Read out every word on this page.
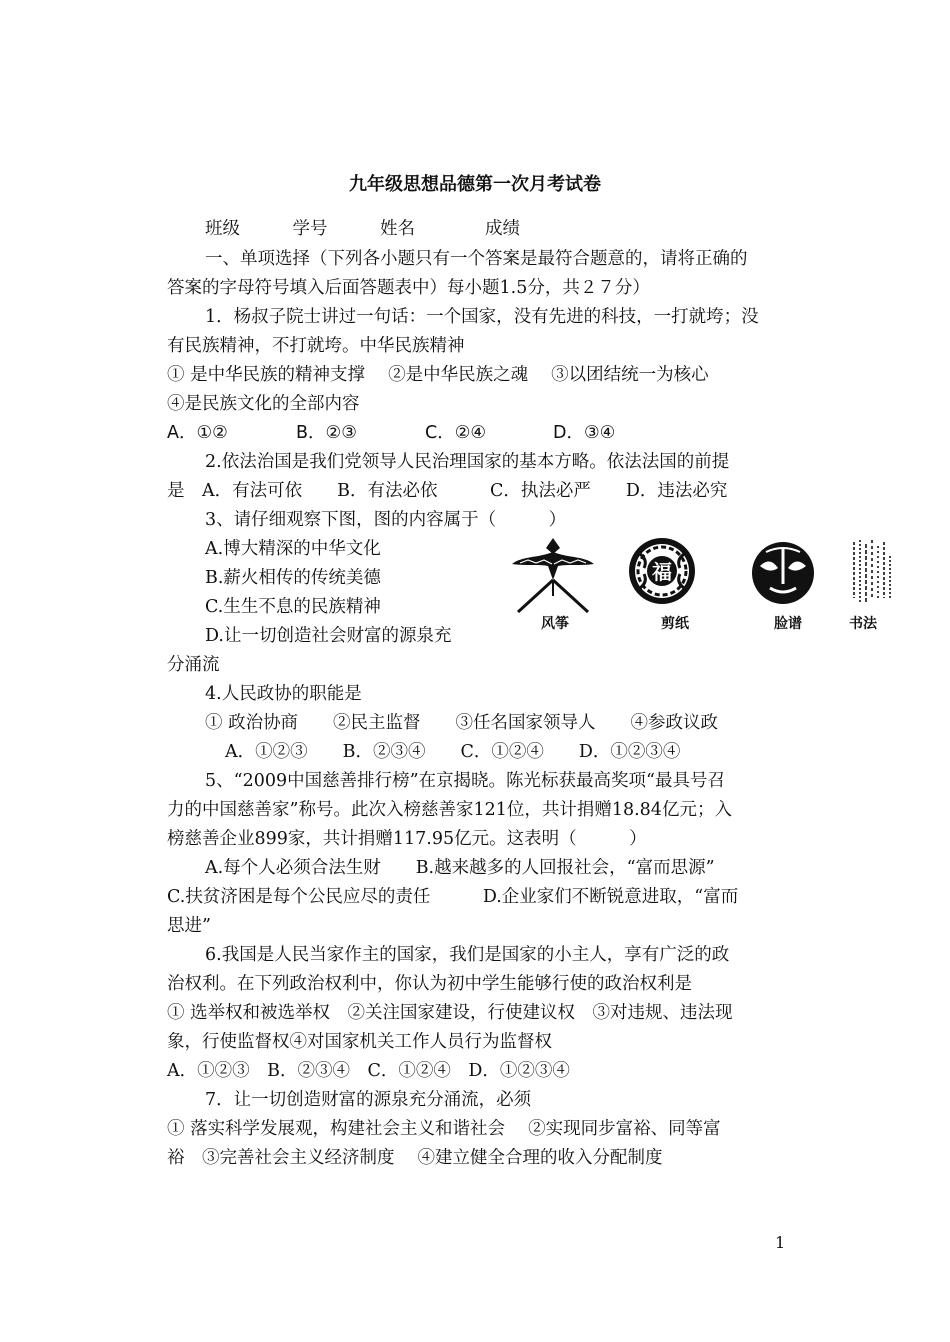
九年级思想品德第一次月考试卷
班级　　　学号　　　姓名　　　　成绩
一、单项选择（下列各小题只有一个答案是最符合题意的，请将正确的
答案的字母符号填入后面答题表中）每小题1.5分，共２７分）
1．杨叔子院士讲过一句话：一个国家，没有先进的科技，一打就垮；没
有民族精神，不打就垮。中华民族精神
① 是中华民族的精神支撑　 ②是中华民族之魂　 ③以团结统一为核心
④是民族文化的全部内容
A．①②	B．②③	C．②④	D．③④
2.依法治国是我们党领导人民治理国家的基本方略。依法法国的前提
是　A．有法可依　　B．有法必依　　　C．执法必严　　D．违法必究
3、请仔细观察下图，图的内容属于（　　　）
A.博大精深的中华文化
B.薪火相传的传统美德
C.生生不息的民族精神
D.让一切创造社会财富的源泉充
分涌流
福
风筝	剪纸	脸谱	书法
4.人民政协的职能是
① 政治协商　　②民主监督　　③任名国家领导人　　④参政议政
A．①②③　　B．②③④　　C．①②④　　D．①②③④
5、“2009中国慈善排行榜”在京揭晓。陈光标获最高奖项“最具号召
力的中国慈善家”称号。此次入榜慈善家121位，共计捐赠18.84亿元；入
榜慈善企业899家，共计捐赠117.95亿元。这表明（　　　）
A.每个人必须合法生财　　B.越来越多的人回报社会，“富而思源”
C.扶贫济困是每个公民应尽的责任　　　D.企业家们不断锐意进取，“富而
思进”
6.我国是人民当家作主的国家，我们是国家的小主人，享有广泛的政
治权利。在下列政治权利中，你认为初中学生能够行使的政治权利是
① 选举权和被选举权　②关注国家建设，行使建议权　③对违规、违法现
象，行使监督权④对国家机关工作人员行为监督权
A．①②③　B．②③④　C．①②④　D．①②③④
7．让一切创造财富的源泉充分涌流，必须
① 落实科学发展观，构建社会主义和谐社会　 ②实现同步富裕、同等富
裕　③完善社会主义经济制度　 ④建立健全合理的收入分配制度
1
